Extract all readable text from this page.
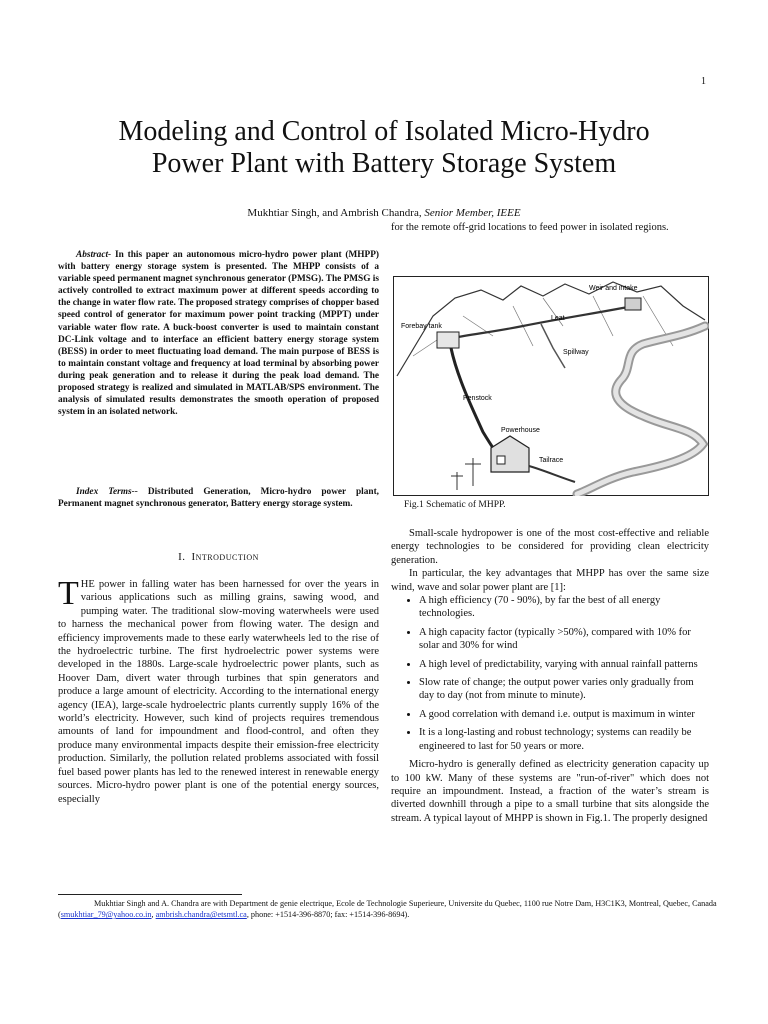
1
Modeling and Control of Isolated Micro-Hydro
Power Plant with Battery Storage System
Mukhtiar Singh, and Ambrish Chandra, Senior Member, IEEE
Abstract- In this paper an autonomous micro-hydro power plant (MHPP) with battery energy storage system is presented. The MHPP consists of a variable speed permanent magnet synchronous generator (PMSG). The PMSG is actively controlled to extract maximum power at different speeds according to the change in water flow rate. The proposed strategy comprises of chopper based speed control of generator for maximum power point tracking (MPPT) under variable water flow rate. A buck-boost converter is used to maintain constant DC-Link voltage and to interface an efficient battery energy storage system (BESS) in order to meet fluctuating load demand. The main purpose of BESS is to maintain constant voltage and frequency at load terminal by absorbing power during peak generation and to release it during the peak load demand. The proposed strategy is realized and simulated in MATLAB/SPS environment. The analysis of simulated results demonstrates the smooth operation of proposed system in an isolated network.
Index Terms-- Distributed Generation, Micro-hydro power plant, Permanent magnet synchronous generator, Battery energy storage system.
I. Introduction
THE power in falling water has been harnessed for over the years in various applications such as milling grains, sawing wood, and pumping water. The traditional slow-moving waterwheels were used to harness the mechanical power from flowing water. The design and efficiency improvements made to these early waterwheels led to the rise of the hydroelectric turbine. The first hydroelectric power systems were developed in the 1880s. Large-scale hydroelectric power plants, such as Hoover Dam, divert water through turbines that spin generators and produce a large amount of electricity. According to the international energy agency (IEA), large-scale hydroelectric plants currently supply 16% of the world’s electricity. However, such kind of projects requires tremendous amounts of land for impoundment and flood-control, and often they produce many environmental impacts despite their emission-free electricity production. Similarly, the pollution related problems associated with fossil fuel based power plants has led to the renewed interest in renewable energy sources. Micro-hydro power plant is one of the potential energy sources, especially
for the remote off-grid locations to feed power in isolated regions.
Weir and intake
Leat
Forebay tank
Spillway
Penstock
Powerhouse
Tailrace
Fig.1 Schematic of MHPP.

Small-scale hydropower is one of the most cost-effective and reliable energy technologies to be considered for providing clean electricity generation.

In particular, the key advantages that MHPP has over the same size wind, wave and solar power plant are [1]:

• A high efficiency (70 - 90%), by far the best of all energy technologies.
• A high capacity factor (typically >50%), compared with 10% for solar and 30% for wind
• A high level of predictability, varying with annual rainfall patterns
• Slow rate of change; the output power varies only gradually from day to day (not from minute to minute).
• A good correlation with demand i.e. output is maximum in winter
• It is a long-lasting and robust technology; systems can readily be engineered to last for 50 years or more.

Micro-hydro is generally defined as electricity generation capacity up to 100 kW. Many of these systems are "run-of-river" which does not require an impoundment. Instead, a fraction of the water’s stream is diverted downhill through a pipe to a small turbine that sits alongside the stream. A typical layout of MHPP is shown in Fig.1. The properly designed

Mukhtiar Singh and A. Chandra are with Department de genie electrique, Ecole de Technologie Superieure, Universite du Quebec, 1100 rue Notre Dam, H3C1K3, Montreal, Quebec, Canada (smukhtiar_79@yahoo.co.in, ambrish.chandra@etsmtl.ca, phone: +1514-396-8870; fax: +1514-396-8694).
